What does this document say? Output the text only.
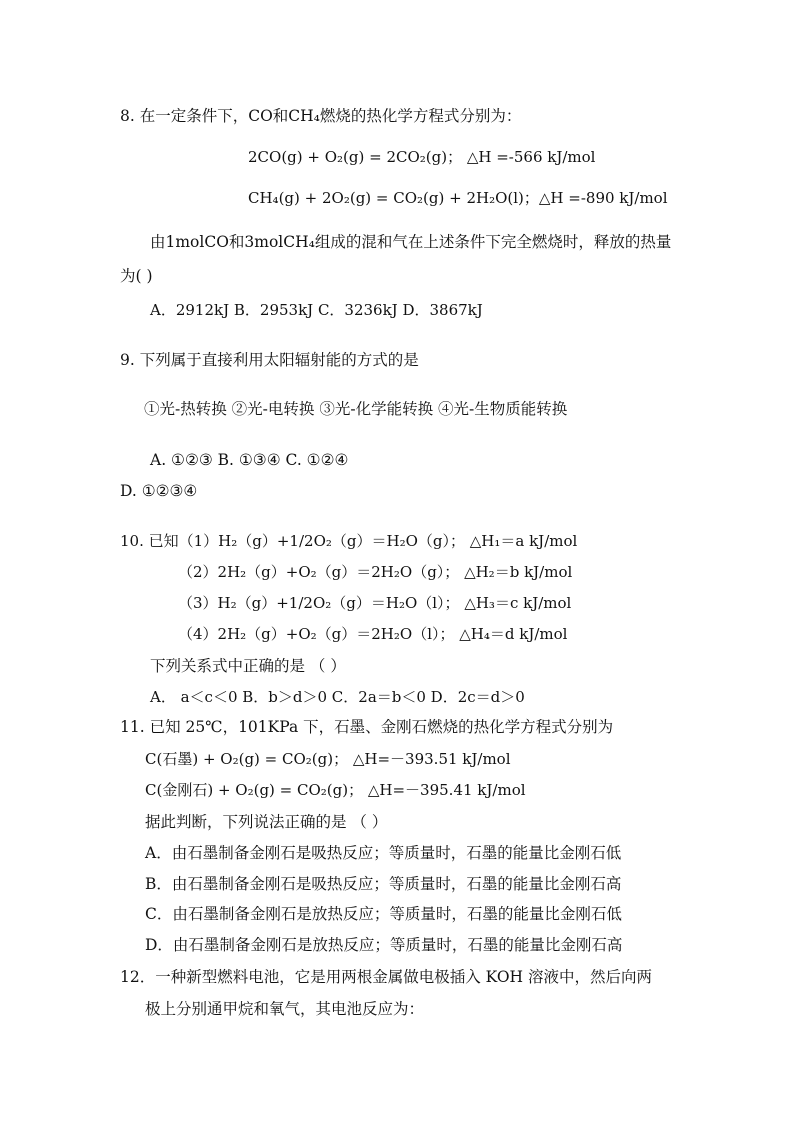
8. 在一定条件下，CO和CH₄燃烧的热化学方程式分别为：
2CO(g) + O₂(g) = 2CO₂(g)； △H =-566 kJ/mol
CH₄(g) + 2O₂(g) = CO₂(g) + 2H₂O(l)；△H =-890 kJ/mol
由1molCO和3molCH₄组成的混和气在上述条件下完全燃烧时，释放的热量
为( )
A．2912kJ B．2953kJ C．3236kJ D．3867kJ
9. 下列属于直接利用太阳辐射能的方式的是
①光-热转换 ②光-电转换 ③光-化学能转换 ④光-生物质能转换
A. ①②③ B. ①③④ C. ①②④
D. ①②③④
10. 已知（1）H₂（g）+1/2O₂（g）＝H₂O（g）； △H₁＝a kJ/mol
（2）2H₂（g）+O₂（g）＝2H₂O（g）； △H₂＝b kJ/mol
（3）H₂（g）+1/2O₂（g）＝H₂O（l）； △H₃＝c kJ/mol
（4）2H₂（g）+O₂（g）＝2H₂O（l）； △H₄＝d kJ/mol
下列关系式中正确的是 （ ）
A． a＜c＜0 B．b＞d＞0 C．2a＝b＜0 D．2c＝d＞0
11. 已知 25℃，101KPa 下，石墨、金刚石燃烧的热化学方程式分别为
C(石墨) + O₂(g) = CO₂(g)； △H=－393.51 kJ/mol
C(金刚石) + O₂(g) = CO₂(g)； △H=－395.41 kJ/mol
据此判断，下列说法正确的是 （ ）
A．由石墨制备金刚石是吸热反应；等质量时，石墨的能量比金刚石低
B．由石墨制备金刚石是吸热反应；等质量时，石墨的能量比金刚石高
C．由石墨制备金刚石是放热反应；等质量时，石墨的能量比金刚石低
D．由石墨制备金刚石是放热反应；等质量时，石墨的能量比金刚石高
12．一种新型燃料电池，它是用两根金属做电极插入 KOH 溶液中，然后向两
极上分别通甲烷和氧气，其电池反应为：
